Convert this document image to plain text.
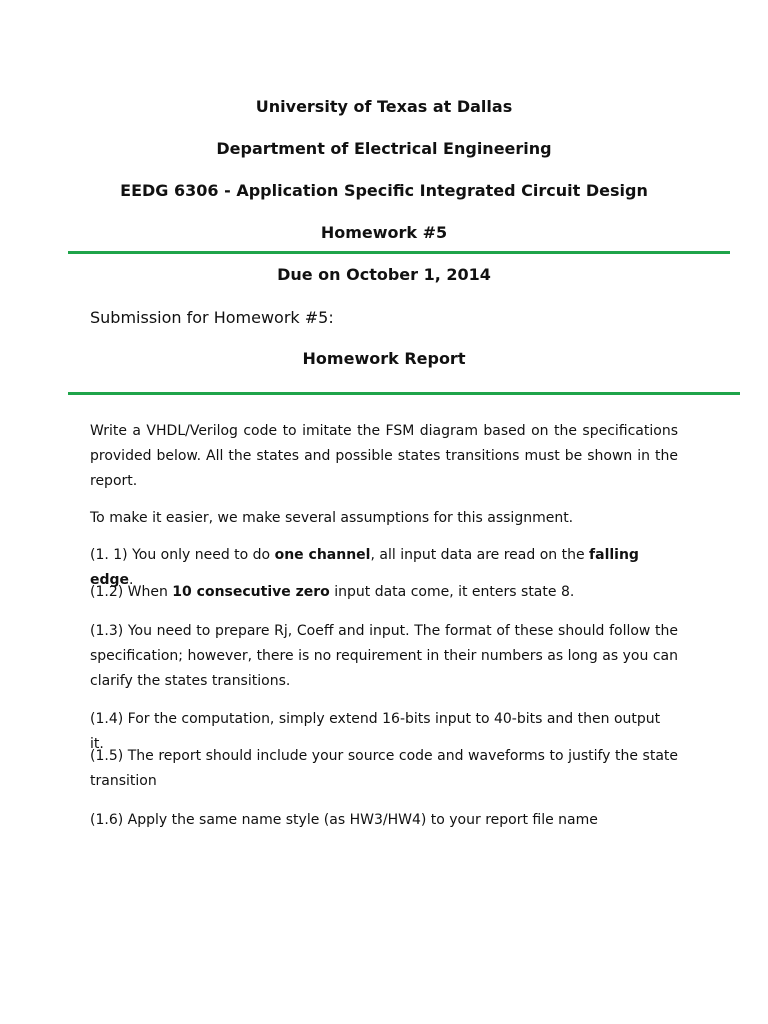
University of Texas at Dallas
Department of Electrical Engineering
EEDG 6306 - Application Specific Integrated Circuit Design
Homework #5
Due on October 1, 2014
Submission for Homework #5:
Homework Report

Write a VHDL/Verilog code to imitate the FSM diagram based on the specifications provided below. All the states and possible states transitions must be shown in the report.

To make it easier, we make several assumptions for this assignment.

(1. 1) You only need to do one channel, all input data are read on the falling edge.

(1.2) When 10 consecutive zero input data come, it enters state 8.

(1.3) You need to prepare Rj, Coeff and input. The format of these should follow the specification; however, there is no requirement in their numbers as long as you can clarify the states transitions.

(1.4) For the computation, simply extend 16-bits input to 40-bits and then output it.

(1.5) The report should include your source code and waveforms to justify the state transition

(1.6) Apply the same name style (as HW3/HW4) to your report file name
